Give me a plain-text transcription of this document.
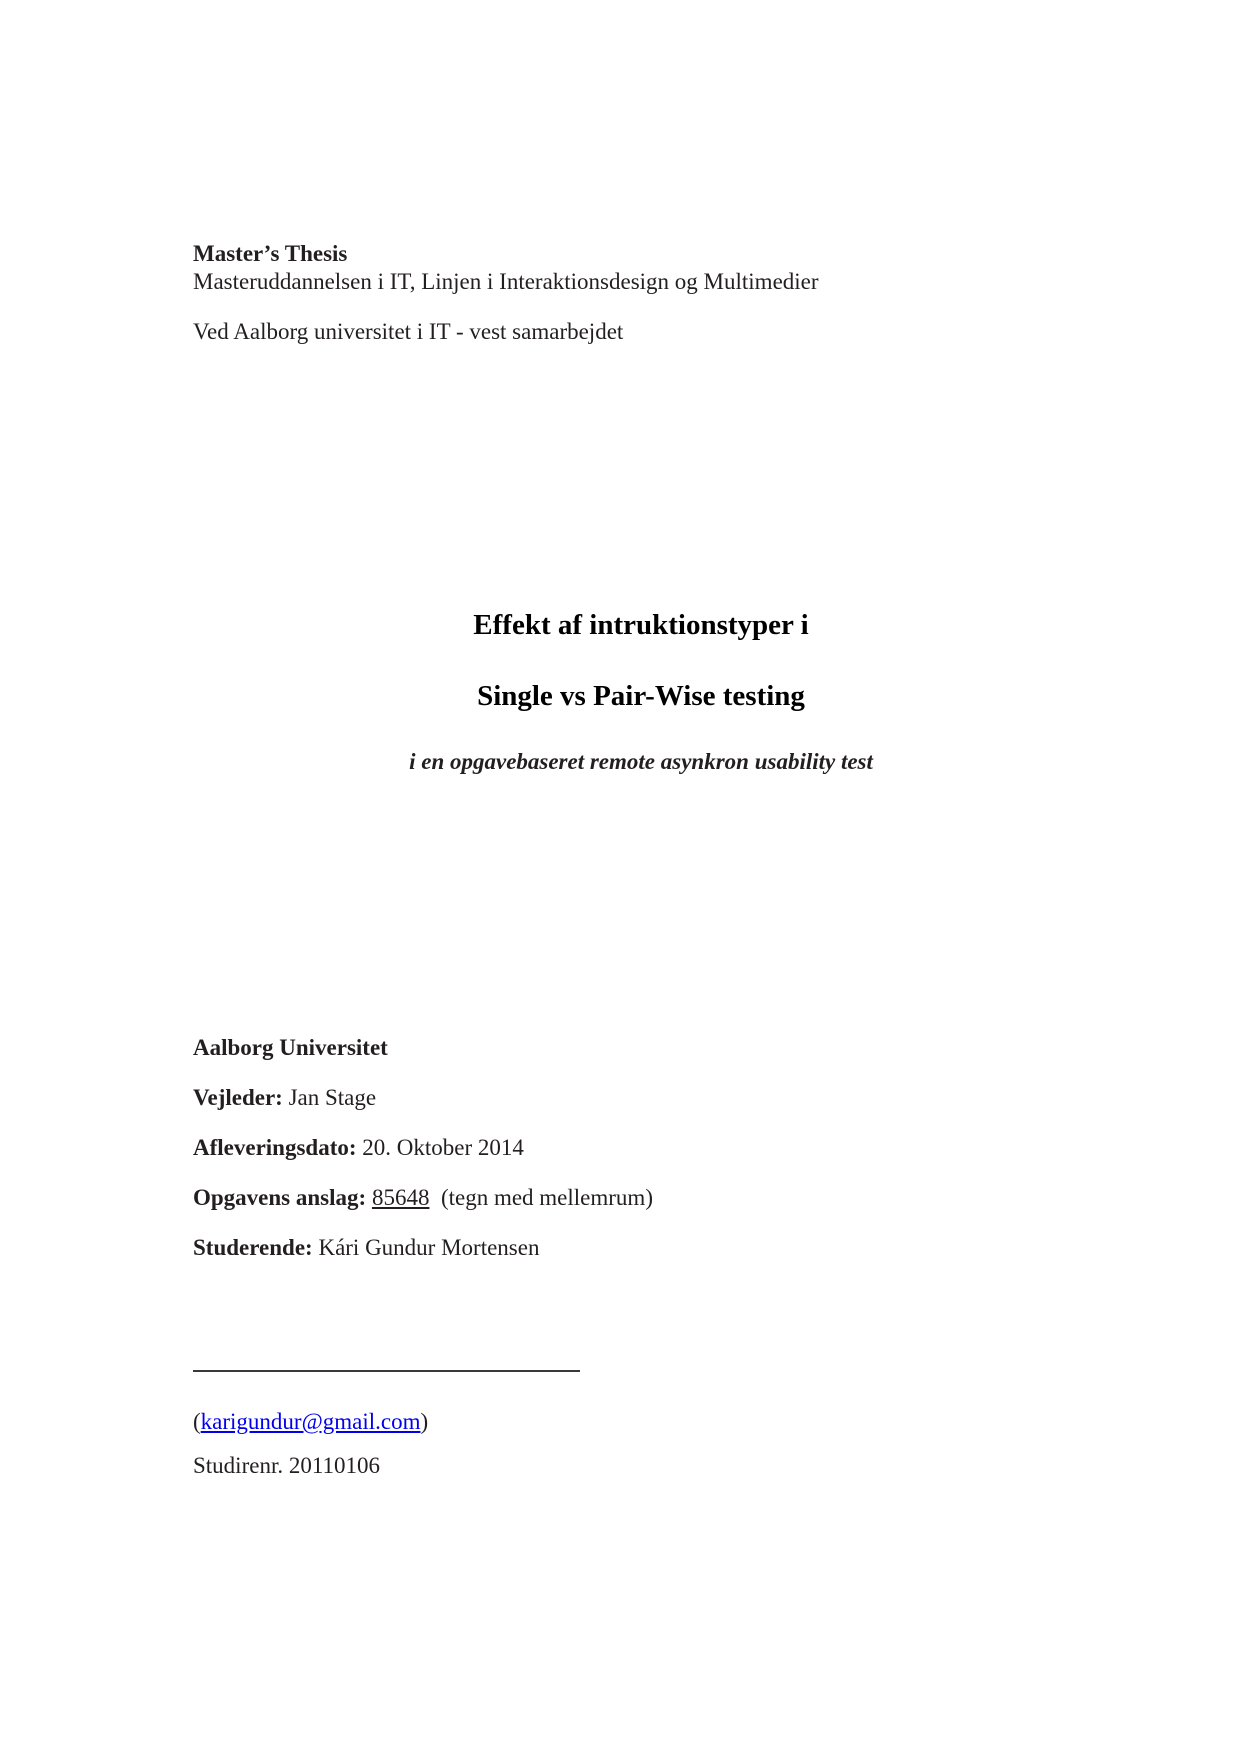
Master’s Thesis
Masteruddannelsen i IT, Linjen i Interaktionsdesign og Multimedier
Ved Aalborg universitet i IT - vest samarbejdet
Effekt af intruktionstyper i
Single vs Pair-Wise testing
i en opgavebaseret remote asynkron usability test
Aalborg Universitet
Vejleder: Jan Stage
Afleveringsdato: 20. Oktober 2014
Opgavens anslag: 85648 (tegn med mellemrum)
Studerende: Kári Gundur Mortensen
(karigundur@gmail.com)
Studirenr. 20110106
